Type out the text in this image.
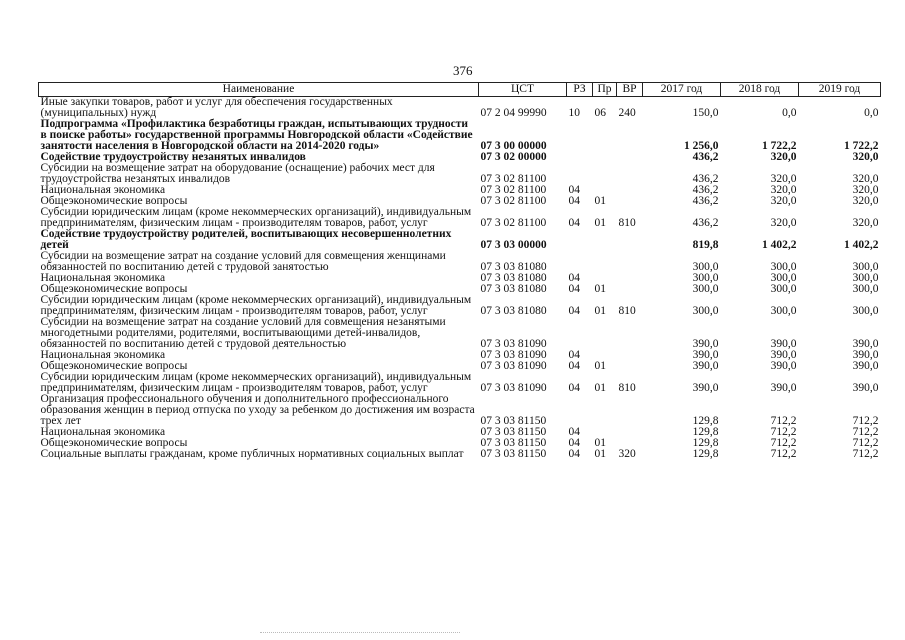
376
Наименование	ЦСТ	РЗ	Пр	ВР	2017 год	2018 год	2019 год
Иные закупки товаров, работ и услуг для обеспечения государственных (муниципальных) нужд	07 2 04 99990	10	06	240	150,0	0,0	0,0
Подпрограмма «Профилактика безработицы граждан, испытывающих трудности в поиске работы» государственной программы Новгородской области «Содействие занятости населения в Новгородской области на 2014-2020 годы»	07 3 00 00000				1 256,0	1 722,2	1 722,2
Содействие трудоустройству незанятых инвалидов	07 3 02 00000				436,2	320,0	320,0
Субсидии на возмещение затрат на оборудование (оснащение) рабочих мест для трудоустройства незанятых инвалидов	07 3 02 81100				436,2	320,0	320,0
Национальная экономика	07 3 02 81100	04			436,2	320,0	320,0
Общеэкономические вопросы	07 3 02 81100	04	01		436,2	320,0	320,0
Субсидии юридическим лицам (кроме некоммерческих организаций), индивидуальным предпринимателям, физическим лицам - производителям товаров, работ, услуг	07 3 02 81100	04	01	810	436,2	320,0	320,0
Содействие трудоустройству родителей, воспитывающих несовершеннолетних детей	07 3 03 00000				819,8	1 402,2	1 402,2
Субсидии на возмещение затрат на создание условий для совмещения женщинами обязанностей по воспитанию детей с трудовой занятостью	07 3 03 81080				300,0	300,0	300,0
Национальная экономика	07 3 03 81080	04			300,0	300,0	300,0
Общеэкономические вопросы	07 3 03 81080	04	01		300,0	300,0	300,0
Субсидии юридическим лицам (кроме некоммерческих организаций), индивидуальным предпринимателям, физическим лицам - производителям товаров, работ, услуг	07 3 03 81080	04	01	810	300,0	300,0	300,0
Субсидии на возмещение затрат на создание условий для совмещения незанятыми многодетными родителями, родителями, воспитывающими детей-инвалидов, обязанностей по воспитанию детей с трудовой деятельностью	07 3 03 81090				390,0	390,0	390,0
Национальная экономика	07 3 03 81090	04			390,0	390,0	390,0
Общеэкономические вопросы	07 3 03 81090	04	01		390,0	390,0	390,0
Субсидии юридическим лицам (кроме некоммерческих организаций), индивидуальным предпринимателям, физическим лицам - производителям товаров, работ, услуг	07 3 03 81090	04	01	810	390,0	390,0	390,0
Организация профессионального обучения и дополнительного профессионального образования женщин в период отпуска по уходу за ребенком до достижения им возраста трех лет	07 3 03 81150				129,8	712,2	712,2
Национальная экономика	07 3 03 81150	04			129,8	712,2	712,2
Общеэкономические вопросы	07 3 03 81150	04	01		129,8	712,2	712,2
Социальные выплаты гражданам, кроме публичных нормативных социальных выплат	07 3 03 81150	04	01	320	129,8	712,2	712,2
